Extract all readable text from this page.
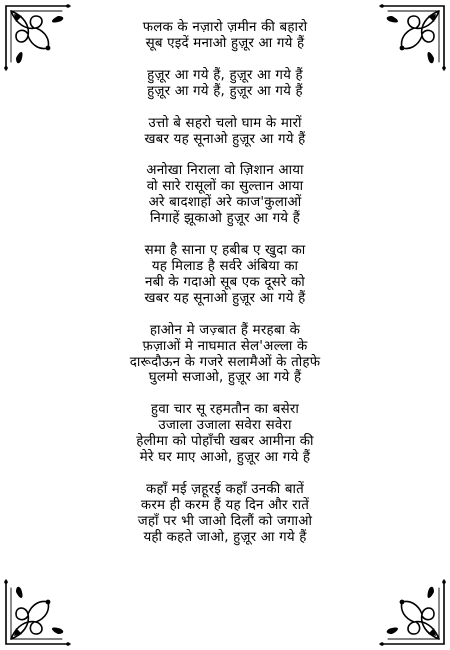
फलक के नज़ारो ज़मीन की बहारो
सूब एइदें मनाओ हुज़ूर आ गये हैं
हुज़ूर आ गये हैं, हुज़ूर आ गये हैं
हुज़ूर आ गये हैं, हुज़ूर आ गये हैं
उत्तो बे सहरो चलो घाम के मारों
खबर यह सूनाओ हुज़ूर आ गये हैं
अनोखा निराला वो ज़िशान आया
वो सारे रासूलों का सुल्तान आया
अरे बादशाहों अरे काज'कुलाओं
निगाहें झूकाओ हुज़ूर आ गये हैं
समा है साना ए हबीब ए खुदा का
यह मिलाड है सर्वरे अंबिया का
नबी के गदाओ सूब एक दूसरे को
खबर यह सूनाओ हुज़ूर आ गये हैं
हाओन मे जज़्बात हैं मरहबा के
फ़ज़ाओं मे नाघमात सेल'अल्ला के
दारूदौऊन के गजरे सलामैओं के तोहफे
घुलमो सजाओ, हुज़ूर आ गये हैं
हुवा चार सू रहमतौन का बसेरा
उजाला उजाला सवेरा सवेरा
हेलीमा को पोहाँची खबर आमीना की
मेरे घर माए आओ, हुज़ूर आ गये हैं
कहाँ मई ज़हूरई कहाँ उनकी बातें
करम ही करम हैं यह दिन और रातें
जहाँ पर भी जाओ दिलौं को जगाओ
यही कहते जाओ, हुज़ूर आ गये हैं
